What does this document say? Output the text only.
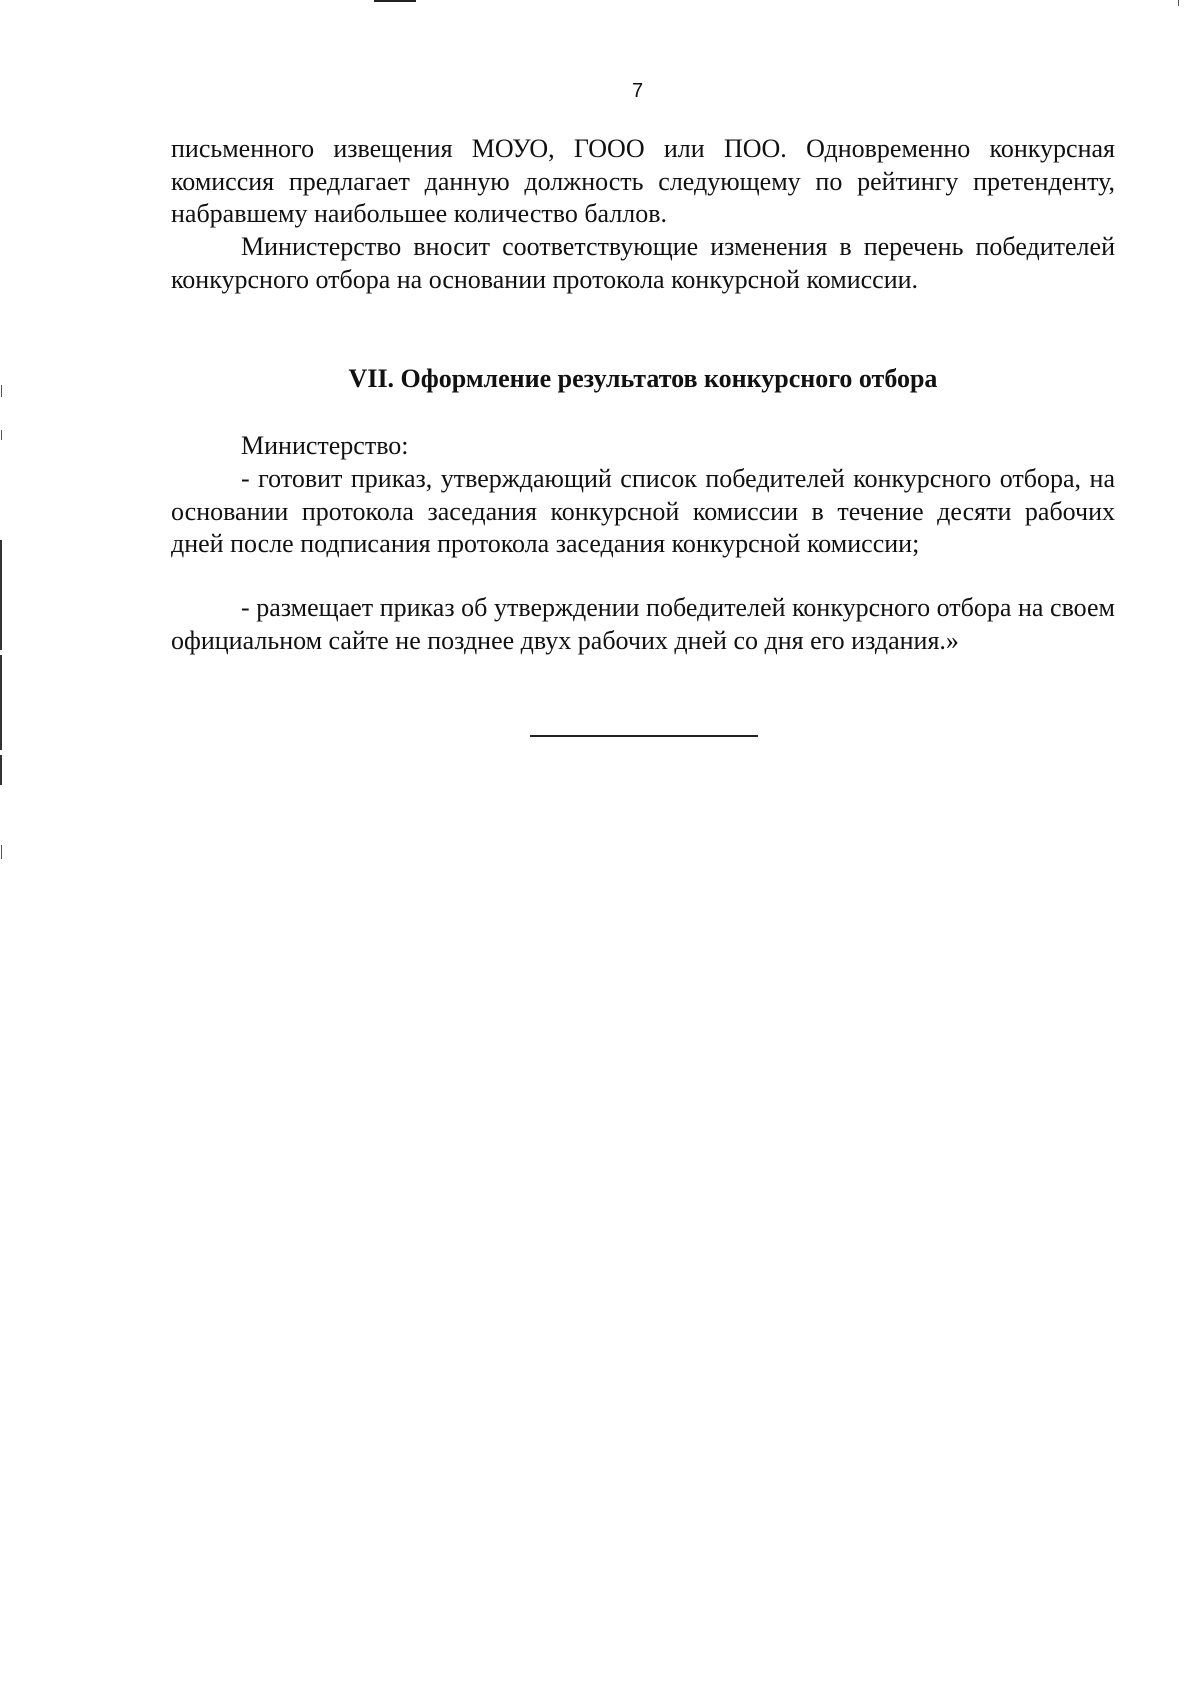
7
письменного извещения МОУО, ГООО или ПОО. Одновременно конкурсная комиссия предлагает данную должность следующему по рейтингу претенденту, набравшему наибольшее количество баллов.
Министерство вносит соответствующие изменения в перечень победителей конкурсного отбора на основании протокола конкурсной комиссии.
VII. Оформление результатов конкурсного отбора
Министерство:
- готовит приказ, утверждающий список победителей конкурсного отбора, на основании протокола заседания конкурсной комиссии в течение десяти рабочих дней после подписания протокола заседания конкурсной комиссии;
- размещает приказ об утверждении победителей конкурсного отбора на своем официальном сайте не позднее двух рабочих дней со дня его издания.»
